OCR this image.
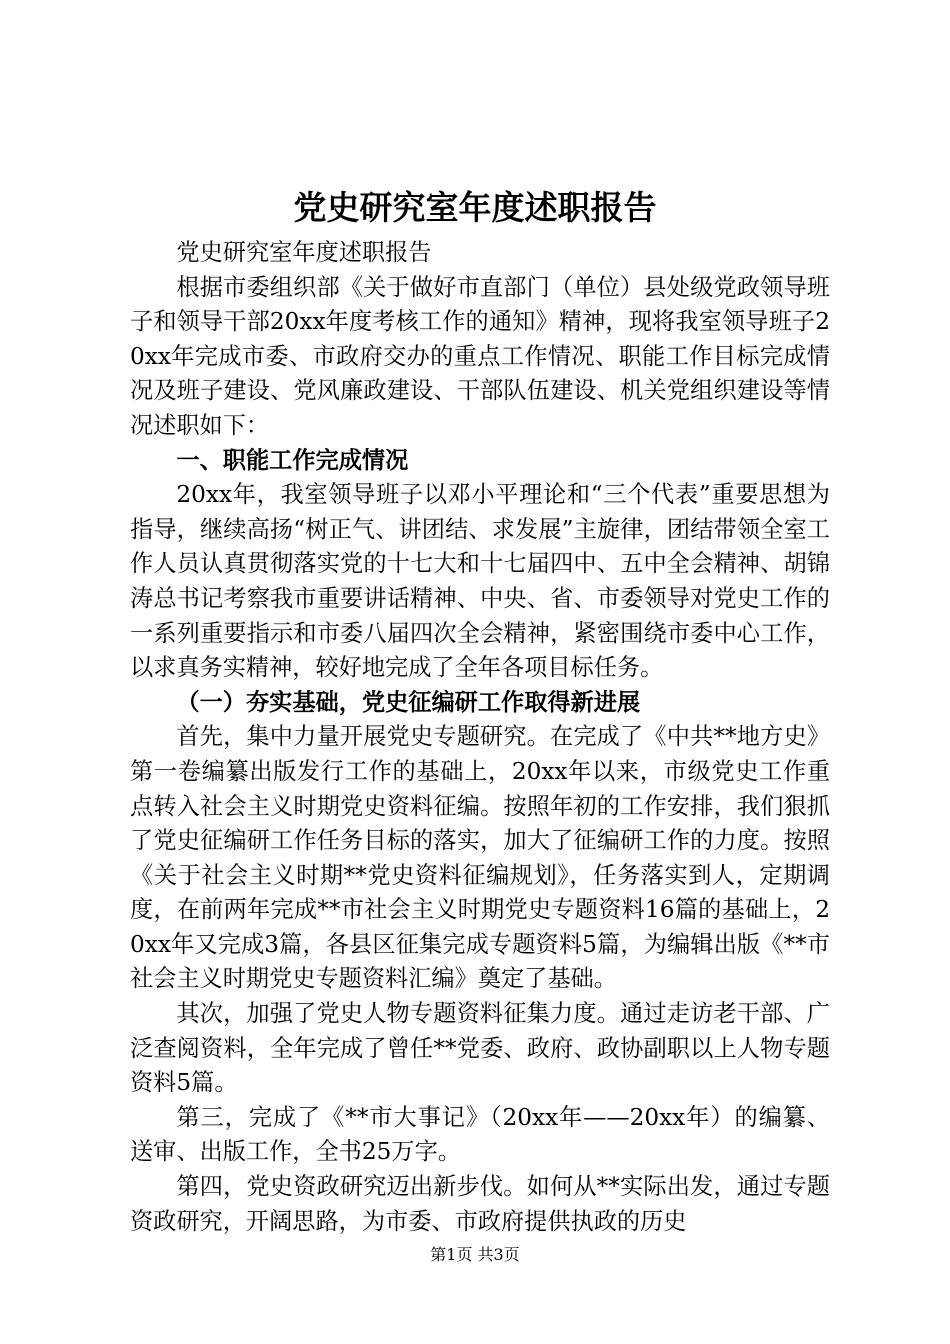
党史研究室年度述职报告

党史研究室年度述职报告

根据市委组织部《关于做好市直部门（单位）县处级党政领导班子和领导干部20xx年度考核工作的通知》精神，现将我室领导班子20xx年完成市委、市政府交办的重点工作情况、职能工作目标完成情况及班子建设、党风廉政建设、干部队伍建设、机关党组织建设等情况述职如下：

一、职能工作完成情况

20xx年，我室领导班子以邓小平理论和“三个代表”重要思想为指导，继续高扬“树正气、讲团结、求发展”主旋律，团结带领全室工作人员认真贯彻落实党的十七大和十七届四中、五中全会精神、胡锦涛总书记考察我市重要讲话精神、中央、省、市委领导对党史工作的一系列重要指示和市委八届四次全会精神，紧密围绕市委中心工作，以求真务实精神，较好地完成了全年各项目标任务。

（一）夯实基础，党史征编研工作取得新进展

首先，集中力量开展党史专题研究。在完成了《中共**地方史》第一卷编纂出版发行工作的基础上，20xx年以来，市级党史工作重点转入社会主义时期党史资料征编。按照年初的工作安排，我们狠抓了党史征编研工作任务目标的落实，加大了征编研工作的力度。按照《关于社会主义时期**党史资料征编规划》，任务落实到人，定期调度，在前两年完成**市社会主义时期党史专题资料16篇的基础上，20xx年又完成3篇，各县区征集完成专题资料5篇，为编辑出版《**市社会主义时期党史专题资料汇编》奠定了基础。

其次，加强了党史人物专题资料征集力度。通过走访老干部、广泛查阅资料，全年完成了曾任**党委、政府、政协副职以上人物专题资料5篇。

第三，完成了《**市大事记》（20xx年——20xx年）的编纂、送审、出版工作，全书25万字。

第四，党史资政研究迈出新步伐。如何从**实际出发，通过专题资政研究，开阔思路，为市委、市政府提供执政的历史

第1页 共3页
